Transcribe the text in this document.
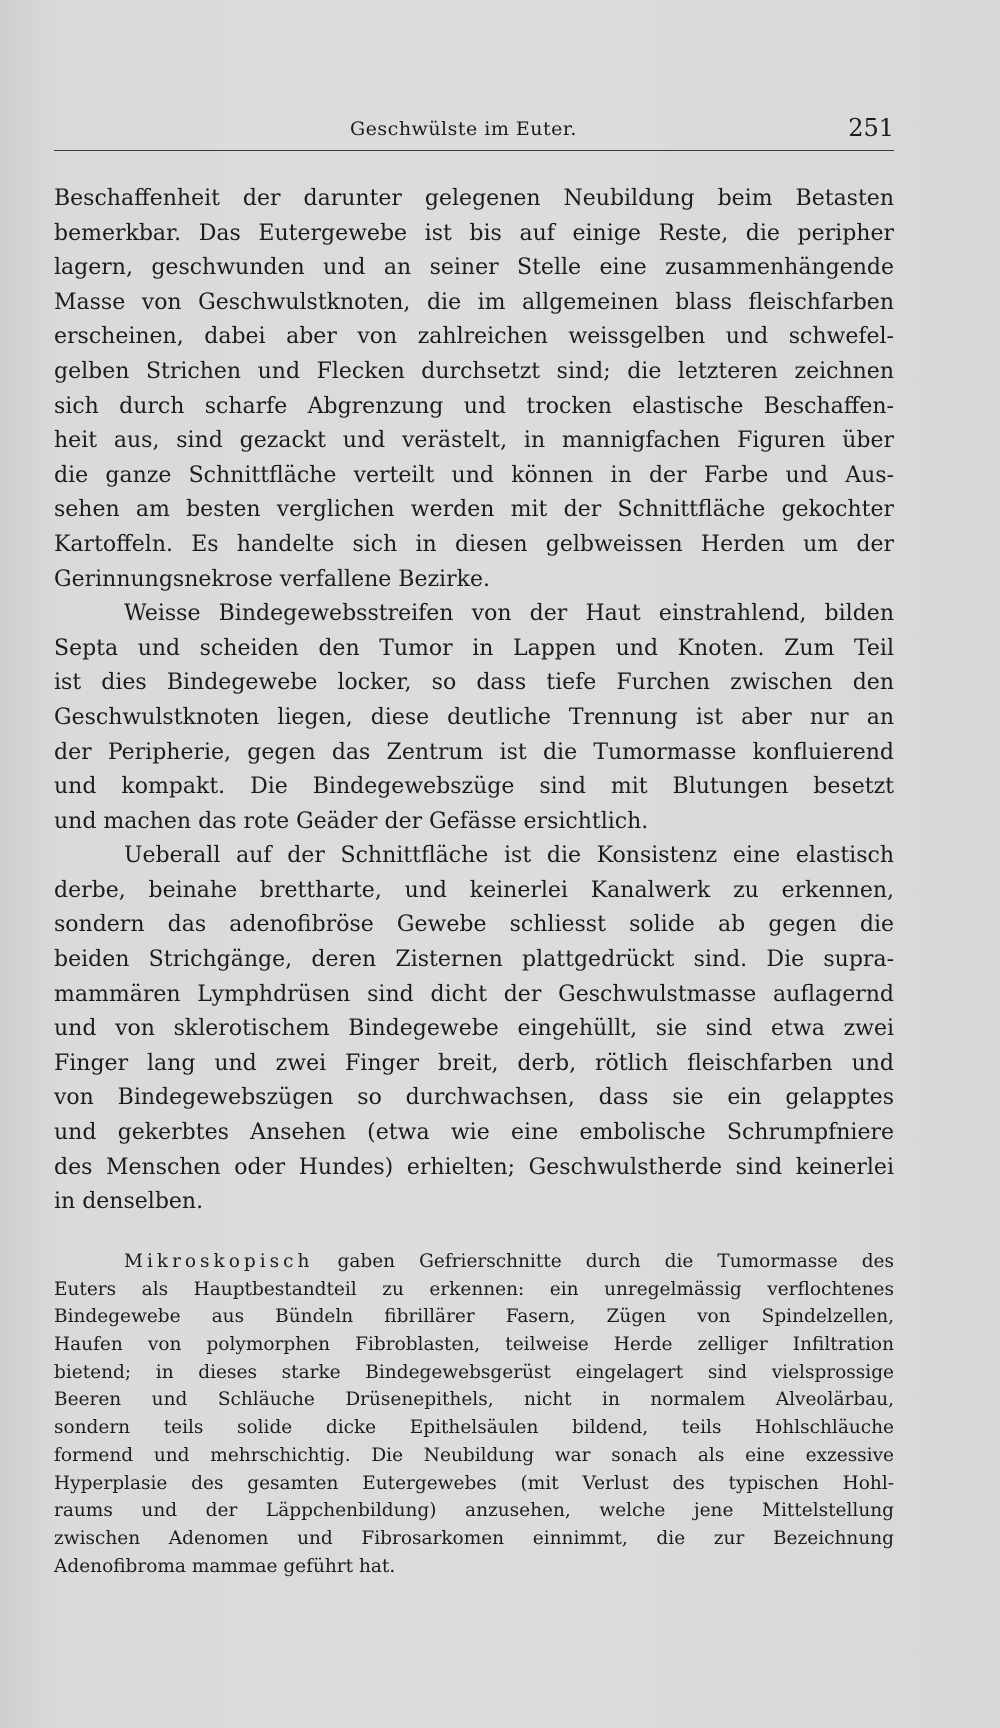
Geschwülste im Euter.	251
Beschaffenheit der darunter gelegenen Neubildung beim Betasten
bemerkbar. Das Eutergewebe ist bis auf einige Reste, die peripher
lagern, geschwunden und an seiner Stelle eine zusammenhängende
Masse von Geschwulstknoten, die im allgemeinen blass fleischfarben
erscheinen, dabei aber von zahlreichen weissgelben und schwefel-
gelben Strichen und Flecken durchsetzt sind; die letzteren zeichnen
sich durch scharfe Abgrenzung und trocken elastische Beschaffen-
heit aus, sind gezackt und verästelt, in mannigfachen Figuren über
die ganze Schnittfläche verteilt und können in der Farbe und Aus-
sehen am besten verglichen werden mit der Schnittfläche gekochter
Kartoffeln. Es handelte sich in diesen gelbweissen Herden um der
Gerinnungsnekrose verfallene Bezirke.
Weisse Bindegewebsstreifen von der Haut einstrahlend, bilden
Septa und scheiden den Tumor in Lappen und Knoten. Zum Teil
ist dies Bindegewebe locker, so dass tiefe Furchen zwischen den
Geschwulstknoten liegen, diese deutliche Trennung ist aber nur an
der Peripherie, gegen das Zentrum ist die Tumormasse konfluierend
und kompakt. Die Bindegewebszüge sind mit Blutungen besetzt
und machen das rote Geäder der Gefässe ersichtlich.
Ueberall auf der Schnittfläche ist die Konsistenz eine elastisch
derbe, beinahe brettharte, und keinerlei Kanalwerk zu erkennen,
sondern das adenofibröse Gewebe schliesst solide ab gegen die
beiden Strichgänge, deren Zisternen plattgedrückt sind. Die supra-
mammären Lymphdrüsen sind dicht der Geschwulstmasse auflagernd
und von sklerotischem Bindegewebe eingehüllt, sie sind etwa zwei
Finger lang und zwei Finger breit, derb, rötlich fleischfarben und
von Bindegewebszügen so durchwachsen, dass sie ein gelapptes
und gekerbtes Ansehen (etwa wie eine embolische Schrumpfniere
des Menschen oder Hundes) erhielten; Geschwulstherde sind keinerlei
in denselben.
Mikroskopisch gaben Gefrierschnitte durch die Tumormasse des
Euters als Hauptbestandteil zu erkennen: ein unregelmässig verflochtenes
Bindegewebe aus Bündeln fibrillärer Fasern, Zügen von Spindelzellen,
Haufen von polymorphen Fibroblasten, teilweise Herde zelliger Infiltration
bietend; in dieses starke Bindegewebsgerüst eingelagert sind vielsprossige
Beeren und Schläuche Drüsenepithels, nicht in normalem Alveolärbau,
sondern teils solide dicke Epithelsäulen bildend, teils Hohlschläuche
formend und mehrschichtig. Die Neubildung war sonach als eine exzessive
Hyperplasie des gesamten Eutergewebes (mit Verlust des typischen Hohl-
raums und der Läppchenbildung) anzusehen, welche jene Mittelstellung
zwischen Adenomen und Fibrosarkomen einnimmt, die zur Bezeichnung
Adenofibroma mammae geführt hat.
